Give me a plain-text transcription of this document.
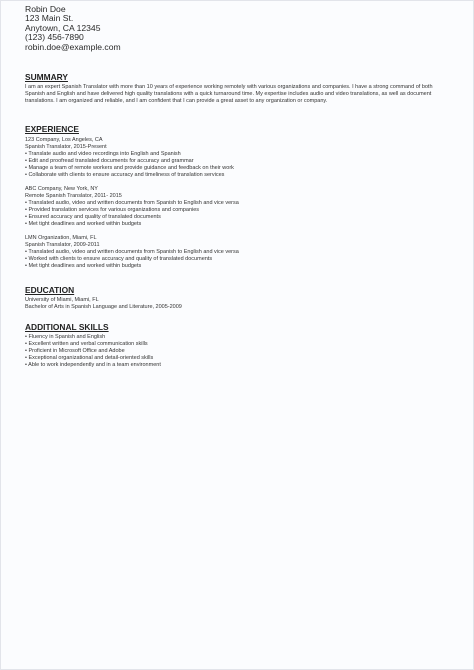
Robin Doe
123 Main St.
Anytown, CA 12345
(123) 456-7890
robin.doe@example.com
SUMMARY
I am an expert Spanish Translator with more than 10 years of experience working remotely with various organizations and companies. I have a strong command of both Spanish and English and have delivered high quality translations with a quick turnaround time. My expertise includes audio and video translations, as well as document translations. I am organized and reliable, and I am confident that I can provide a great asset to any organization or company.
EXPERIENCE
123 Company, Los Angeles, CA
Spanish Translator, 2015-Present
• Translate audio and video recordings into English and Spanish
• Edit and proofread translated documents for accuracy and grammar
• Manage a team of remote workers and provide guidance and feedback on their work
• Collaborate with clients to ensure accuracy and timeliness of translation services
ABC Company, New York, NY
Remote Spanish Translator, 2011- 2015
• Translated audio, video and written documents from Spanish to English and vice versa
• Provided translation services for various organizations and companies
• Ensured accuracy and quality of translated documents
• Met tight deadlines and worked within budgets
LMN Organization, Miami, FL
Spanish Translator, 2009-2011
• Translated audio, video and written documents from Spanish to English and vice versa
• Worked with clients to ensure accuracy and quality of translated documents
• Met tight deadlines and worked within budgets
EDUCATION
University of Miami, Miami, FL
Bachelor of Arts in Spanish Language and Literature, 2005-2009
ADDITIONAL SKILLS
• Fluency in Spanish and English
• Excellent written and verbal communication skills
• Proficient in Microsoft Office and Adobe
• Exceptional organizational and detail-oriented skills
• Able to work independently and in a team environment
